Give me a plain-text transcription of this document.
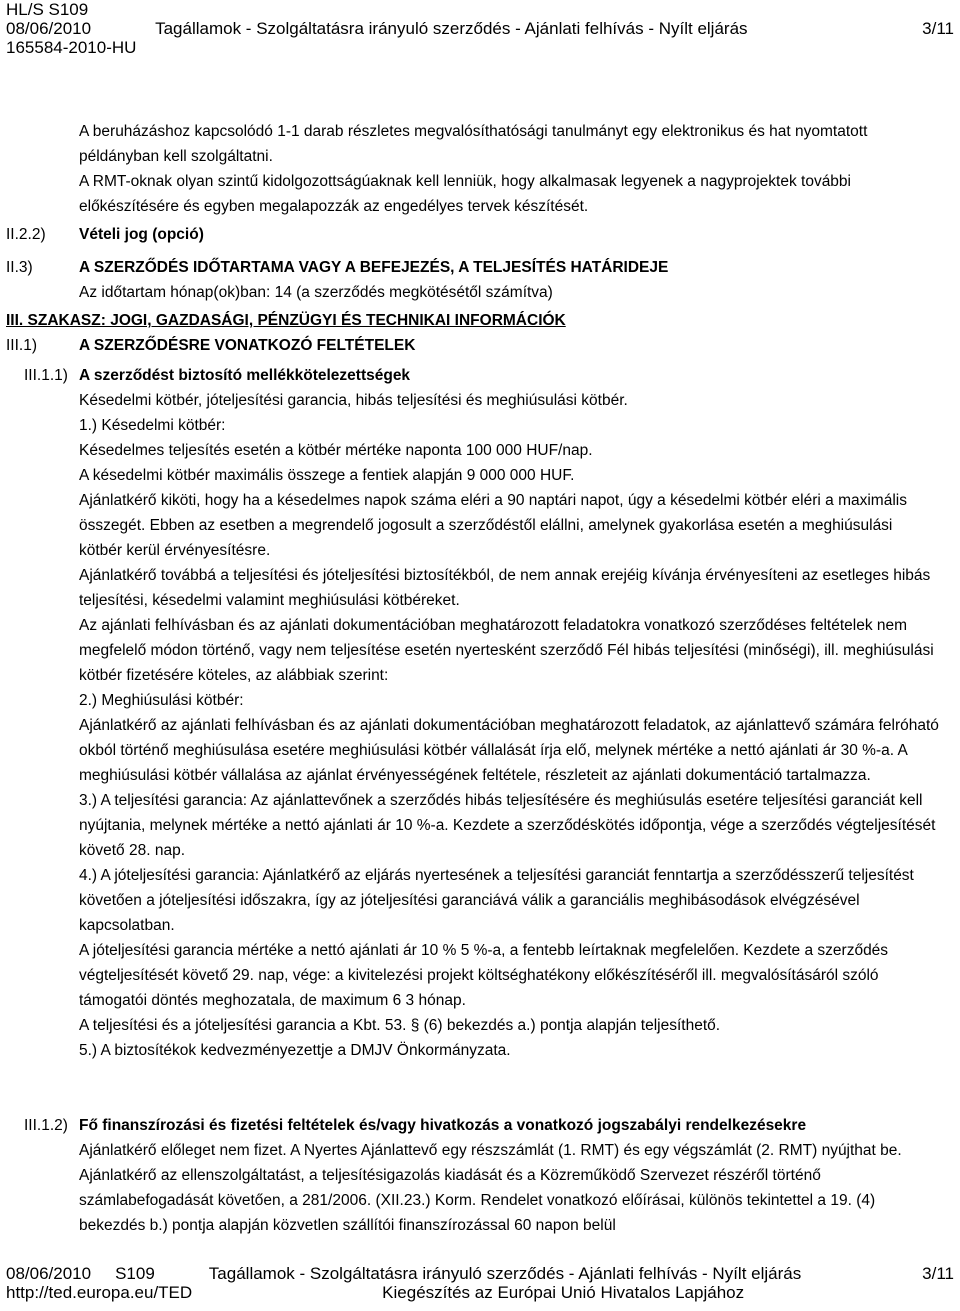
HL/S S109
08/06/2010	Tagállamok - Szolgáltatásra irányuló szerződés - Ajánlati felhívás - Nyílt eljárás	3/11
165584-2010-HU

A beruházáshoz kapcsolódó 1-1 darab részletes megvalósíthatósági tanulmányt egy elektronikus és hat nyomtatott példányban kell szolgáltatni.

A RMT-oknak olyan szintű kidolgozottságúaknak kell lenniük, hogy alkalmasak legyenek a nagyprojektek további előkészítésére és egyben megalapozzák az engedélyes tervek készítését.

II.2.2) Vételi jog (opció)
II.3)	A SZERZŐDÉS IDŐTARTAMA VAGY A BEFEJEZÉS, A TELJESÍTÉS HATÁRIDEJE

Az időtartam hónap(ok)ban: 14 (a szerződés megkötésétől számítva)

III. SZAKASZ: JOGI, GAZDASÁGI, PÉNZÜGYI ÉS TECHNIKAI INFORMÁCIÓK
III.1)	A SZERZŐDÉSRE VONATKOZÓ FELTÉTELEK
III.1.1) A szerződést biztosító mellékkötelezettségek

Késedelmi kötbér, jóteljesítési garancia, hibás teljesítési és meghiúsulási kötbér.

1.) Késedelmi kötbér:

Késedelmes teljesítés esetén a kötbér mértéke naponta 100 000 HUF/nap.

A késedelmi kötbér maximális összege a fentiek alapján 9 000 000 HUF.

Ajánlatkérő kiköti, hogy ha a késedelmes napok száma eléri a 90 naptári napot, úgy a késedelmi kötbér eléri a maximális összegét. Ebben az esetben a megrendelő jogosult a szerződéstől elállni, amelynek gyakorlása esetén a meghiúsulási kötbér kerül érvényesítésre.

Ajánlatkérő továbbá a teljesítési és jóteljesítési biztosítékból, de nem annak erejéig kívánja érvényesíteni az esetleges hibás teljesítési, késedelmi valamint meghiúsulási kötbéreket.

Az ajánlati felhívásban és az ajánlati dokumentációban meghatározott feladatokra vonatkozó szerződéses feltételek nem megfelelő módon történő, vagy nem teljesítése esetén nyertesként szerződő Fél hibás teljesítési (minőségi), ill. meghiúsulási kötbér fizetésére köteles, az alábbiak szerint:

2.) Meghiúsulási kötbér:

Ajánlatkérő az ajánlati felhívásban és az ajánlati dokumentációban meghatározott feladatok, az ajánlattevő számára felróható okból történő meghiúsulása esetére meghiúsulási kötbér vállalását írja elő, melynek mértéke a nettó ajánlati ár 30 %-a. A meghiúsulási kötbér vállalása az ajánlat érvényességének feltétele, részleteit az ajánlati dokumentáció tartalmazza.

3.) A teljesítési garancia: Az ajánlattevőnek a szerződés hibás teljesítésére és meghiúsulás esetére teljesítési garanciát kell nyújtania, melynek mértéke a nettó ajánlati ár 10 %-a. Kezdete a szerződéskötés időpontja, vége a szerződés végteljesítését követő 28. nap.

4.) A jóteljesítési garancia: Ajánlatkérő az eljárás nyertesének a teljesítési garanciát fenntartja a szerződésszerű teljesítést követően a jóteljesítési időszakra, így az jóteljesítési garanciává válik a garanciális meghibásodások elvégzésével kapcsolatban.

A jóteljesítési garancia mértéke a nettó ajánlati ár 10 % 5 %-a, a fentebb leírtaknak megfelelően. Kezdete a szerződés végteljesítését követő 29. nap, vége: a kivitelezési projekt költséghatékony előkészítéséről ill. megvalósításáról szóló támogatói döntés meghozatala, de maximum 6 3 hónap.

A teljesítési és a jóteljesítési garancia a Kbt. 53. § (6) bekezdés a.) pontja alapján teljesíthető.

5.) A biztosítékok kedvezményezettje a DMJV Önkormányzata.

III.1.2) Fő finanszírozási és fizetési feltételek és/vagy hivatkozás a vonatkozó jogszabályi rendelkezésekre

Ajánlatkérő előleget nem fizet. A Nyertes Ajánlattevő egy részszámlát (1. RMT) és egy végszámlát (2. RMT) nyújthat be. Ajánlatkérő az ellenszolgáltatást, a teljesítésigazolás kiadását és a Közreműködő Szervezet részéről történő számlabefogadását követően, a 281/2006. (XII.23.) Korm. Rendelet vonatkozó előírásai, különös tekintettel a 19. (4) bekezdés b.) pontja alapján közvetlen szállítói finanszírozással 60 napon belül

08/06/2010	S109	Tagállamok - Szolgáltatásra irányuló szerződés - Ajánlati felhívás - Nyílt eljárás	3/11
http://ted.europa.eu/TED	Kiegészítés az Európai Unió Hivatalos Lapjához
